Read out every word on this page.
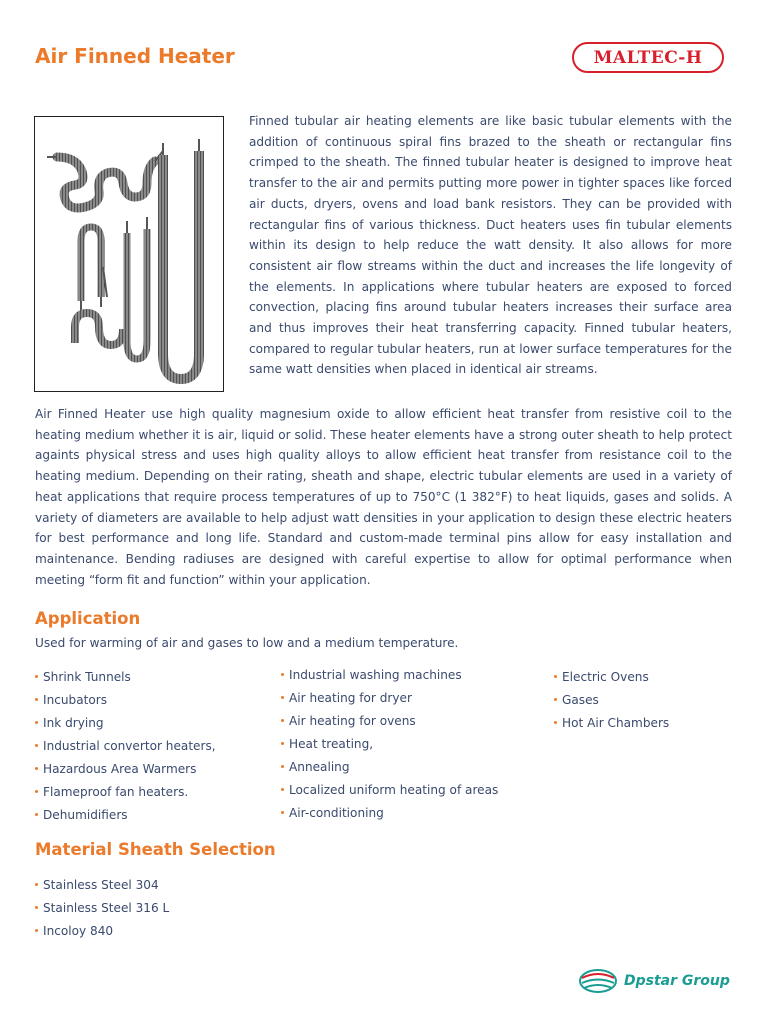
Air Finned Heater	MALTEC-H

Finned tubular air heating elements are like basic tubular elements with the addition of continuous spiral fins brazed to the sheath or rectangular fins crimped to the sheath. The finned tubular heater is designed to improve heat transfer to the air and permits putting more power in tighter spaces like forced air ducts, dryers, ovens and load bank resistors. They can be provided with rectangular fins of various thickness. Duct heaters uses fin tubular elements within its design to help reduce the watt density. It also allows for more consistent air flow streams within the duct and increases the life longevity of the elements. In applications where tubular heaters are exposed to forced convection, placing fins around tubular heaters increases their surface area and thus improves their heat transferring capacity. Finned tubular heaters, compared to regular tubular heaters, run at lower surface temperatures for the same watt densities when placed in identical air streams.

Air Finned Heater use high quality magnesium oxide to allow efficient heat transfer from resistive coil to the heating medium whether it is air, liquid or solid. These heater elements have a strong outer sheath to help protect againts physical stress and uses high quality alloys to allow efficient heat transfer from resistance coil to the heating medium. Depending on their rating, sheath and shape, electric tubular elements are used in a variety of heat applications that require process temperatures of up to 750°C (1 382°F) to heat liquids, gases and solids. A variety of diameters are available to help adjust watt densities in your application to design these electric heaters for best performance and long life. Standard and custom-made terminal pins allow for easy installation and maintenance. Bending radiuses are designed with careful expertise to allow for optimal performance when meeting “form fit and function” within your application.

Application

Used for warming of air and gases to low and a medium temperature.

Shrink Tunnels
Incubators
Ink drying
Industrial convertor heaters,
Hazardous Area Warmers
Flameproof fan heaters.
Dehumidifiers
Industrial washing machines
Air heating for dryer
Air heating for ovens
Heat treating,
Annealing
Localized uniform heating of areas
Air-conditioning
Electric Ovens
Gases
Hot Air Chambers
Material Sheath Selection
Stainless Steel 304
Stainless Steel 316 L
Incoloy 840
Dpstar Group
